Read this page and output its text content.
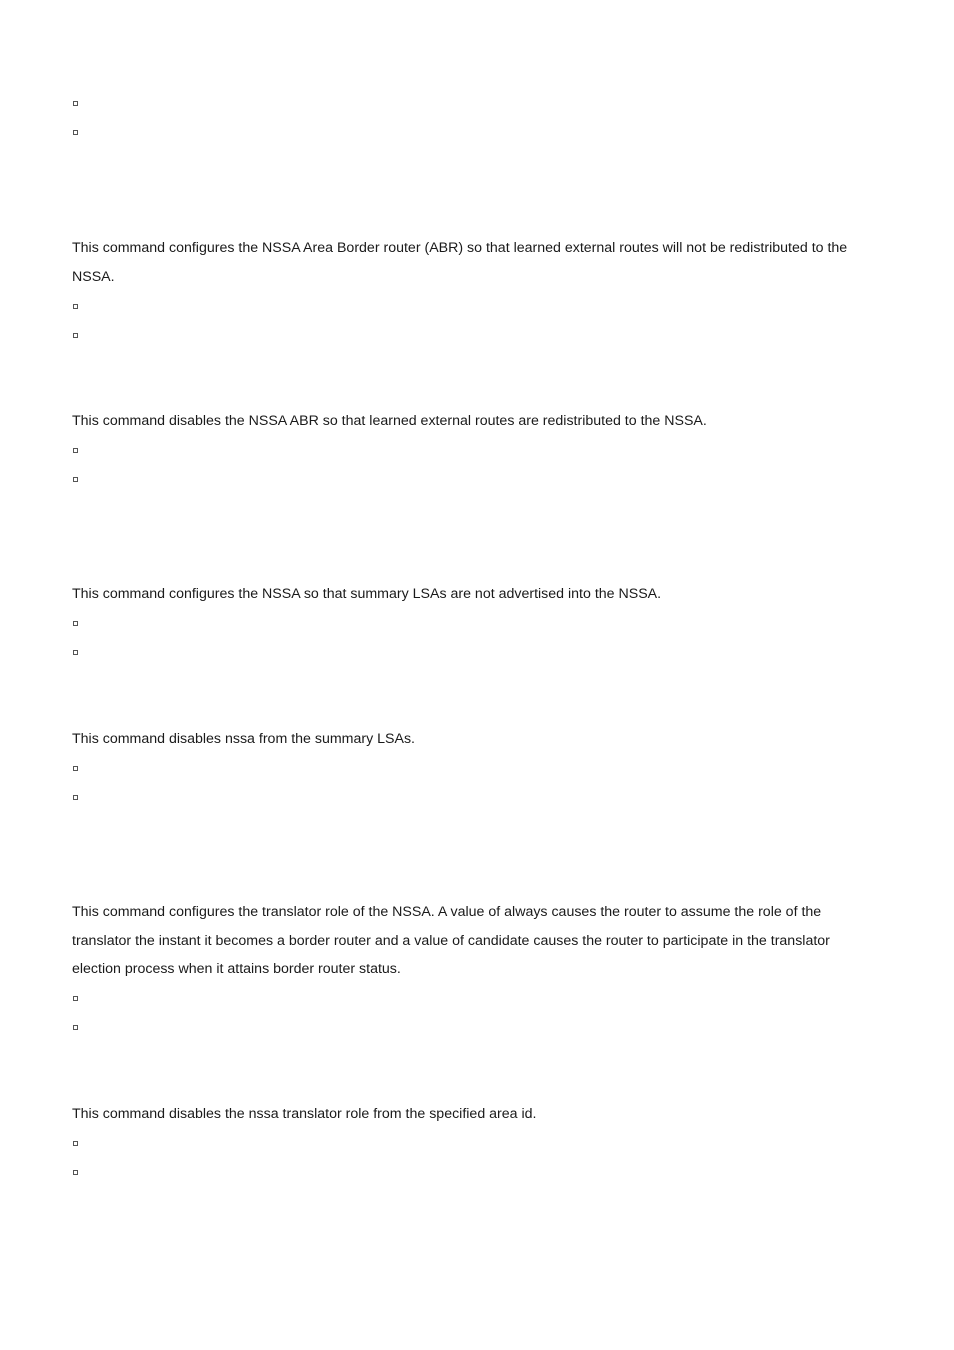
This command configures the NSSA Area Border router (ABR) so that learned external routes will not be redistributed to the NSSA.

This command disables the NSSA ABR so that learned external routes are redistributed to the NSSA.

This command configures the NSSA so that summary LSAs are not advertised into the NSSA.

This command disables nssa from the summary LSAs.

This command configures the translator role of the NSSA. A value of always causes the router to assume the role of the translator the instant it becomes a border router and a value of candidate causes the router to participate in the translator election process when it attains border router status.

This command disables the nssa translator role from the specified area id.
